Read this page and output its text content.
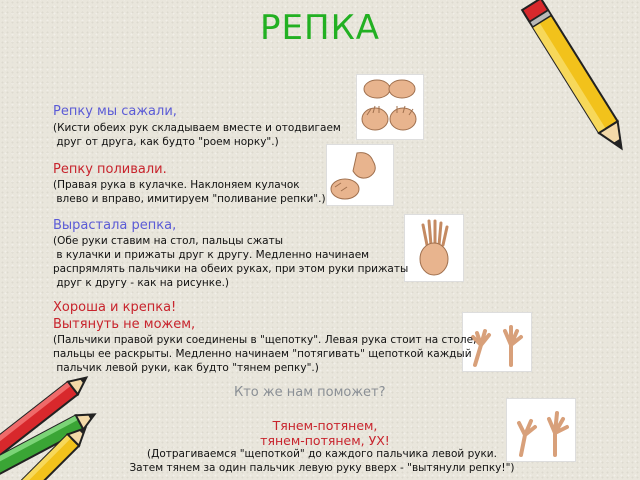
РЕПКА
Репку мы сажали,
(Кисти обеих рук складываем вместе и отодвигаем
друг от друга, как будто "роем норку".)
Репку поливали.
(Правая рука в кулачке. Наклоняем кулачок
влево и вправо, имитируем "поливание репки".)
Вырастала репка,
(Обе руки ставим на стол, пальцы сжаты
в кулачки и прижаты друг к другу. Медленно начинаем
распрямлять пальчики на обеих руках, при этом руки прижаты
друг к другу - как на рисунке.)
Хороша и крепка!
Вытянуть не можем,
(Пальчики правой руки соединены в "щепотку". Левая рука стоит на столе,
пальцы ее раскрыты. Медленно начинаем "потягивать" щепоткой каждый
пальчик левой руки, как будто "тянем репку".)
Кто же нам поможет?
Тянем-потянем,
тянем-потянем, УХ!
(Дотрагиваемся "щепоткой" до каждого пальчика левой руки.
Затем тянем за один пальчик левую руку вверх - "вытянули репку!")
